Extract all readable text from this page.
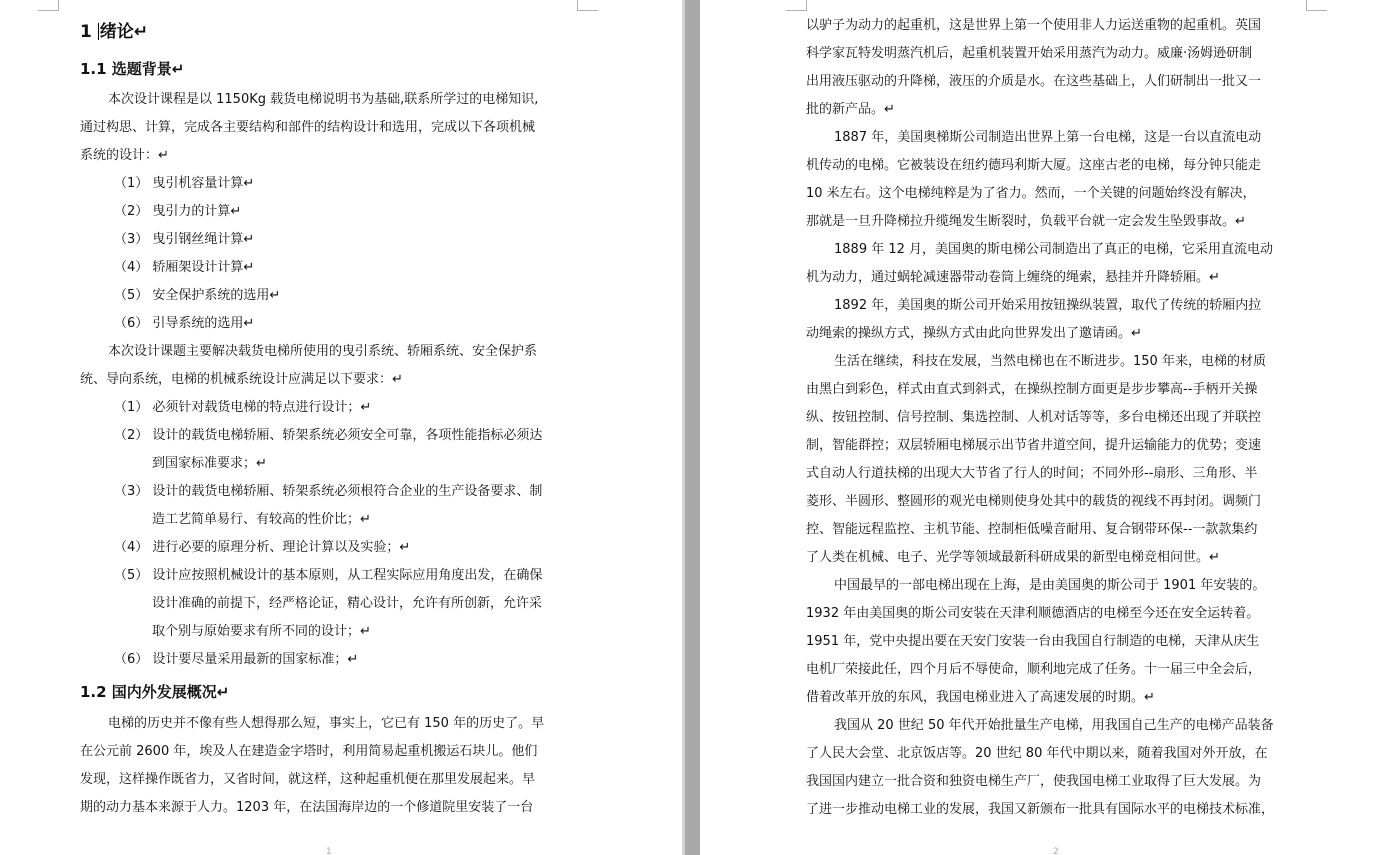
1 绪论↵
1.1 选题背景↵
本次设计课程是以 1150Kg 载货电梯说明书为基础,联系所学过的电梯知识,
通过构思、计算，完成各主要结构和部件的结构设计和选用，完成以下各项机械
系统的设计：↵
（1） 曳引机容量计算↵
（2） 曳引力的计算↵
（3） 曳引钢丝绳计算↵
（4） 轿厢架设计计算↵
（5） 安全保护系统的选用↵
（6） 引导系统的选用↵
本次设计课题主要解决载货电梯所使用的曳引系统、轿厢系统、安全保护系
统、导向系统，电梯的机械系统设计应满足以下要求：↵
（1） 必须针对载货电梯的特点进行设计；↵
（2） 设计的载货电梯轿厢、轿架系统必须安全可靠，各项性能指标必须达
到国家标准要求；↵
（3） 设计的载货电梯轿厢、轿架系统必须根符合企业的生产设备要求、制
造工艺简单易行、有较高的性价比；↵
（4） 进行必要的原理分析、理论计算以及实验；↵
（5） 设计应按照机械设计的基本原则，从工程实际应用角度出发，在确保
设计准确的前提下，经严格论证，精心设计，允许有所创新，允许采
取个别与原始要求有所不同的设计；↵
（6） 设计要尽量采用最新的国家标准；↵
1.2 国内外发展概况↵
电梯的历史并不像有些人想得那么短，事实上，它已有 150 年的历史了。早
在公元前 2600 年，埃及人在建造金字塔时，利用简易起重机搬运石块儿。他们
发现，这样操作既省力，又省时间，就这样，这种起重机便在那里发展起来。早
期的动力基本来源于人力。1203 年，在法国海岸边的一个修道院里安装了一台
1
以驴子为动力的起重机，这是世界上第一个使用非人力运送重物的起重机。英国
科学家瓦特发明蒸汽机后，起重机装置开始采用蒸汽为动力。威廉·汤姆逊研制
出用液压驱动的升降梯，液压的介质是水。在这些基础上，人们研制出一批又一
批的新产品。↵
1887 年，美国奥梯斯公司制造出世界上第一台电梯，这是一台以直流电动
机传动的电梯。它被装设在纽约德玛利斯大厦。这座古老的电梯，每分钟只能走
10 米左右。这个电梯纯粹是为了省力。然而，一个关键的问题始终没有解决，
那就是一旦升降梯拉升缆绳发生断裂时，负载平台就一定会发生坠毁事故。↵
1889 年 12 月，美国奥的斯电梯公司制造出了真正的电梯，它采用直流电动
机为动力，通过蜗轮减速器带动卷筒上缠绕的绳索，悬挂并升降轿厢。↵
1892 年，美国奥的斯公司开始采用按钮操纵装置，取代了传统的轿厢内拉
动绳索的操纵方式，操纵方式由此向世界发出了邀请函。↵
生活在继续，科技在发展，当然电梯也在不断进步。150 年来，电梯的材质
由黑白到彩色，样式由直式到斜式，在操纵控制方面更是步步攀高--手柄开关操
纵、按钮控制、信号控制、集选控制、人机对话等等，多台电梯还出现了并联控
制，智能群控；双层轿厢电梯展示出节省井道空间，提升运输能力的优势；变速
式自动人行道扶梯的出现大大节省了行人的时间；不同外形--扇形、三角形、半
菱形、半圆形、整圆形的观光电梯则使身处其中的载货的视线不再封闭。调频门
控、智能远程监控、主机节能、控制柜低噪音耐用、复合钢带环保--一款款集约
了人类在机械、电子、光学等领域最新科研成果的新型电梯竞相问世。↵
中国最早的一部电梯出现在上海，是由美国奥的斯公司于 1901 年安装的。
1932 年由美国奥的斯公司安装在天津利顺德酒店的电梯至今还在安全运转着。
1951 年，党中央提出要在天安门安装一台由我国自行制造的电梯，天津从庆生
电机厂荣接此任，四个月后不辱使命，顺利地完成了任务。十一届三中全会后，
借着改革开放的东风，我国电梯业进入了高速发展的时期。↵
我国从 20 世纪 50 年代开始批量生产电梯，用我国自己生产的电梯产品装备
了人民大会堂、北京饭店等。20 世纪 80 年代中期以来，随着我国对外开放，在
我国国内建立一批合资和独资电梯生产厂，使我国电梯工业取得了巨大发展。为
了进一步推动电梯工业的发展，我国又新颁布一批具有国际水平的电梯技术标准，
2
